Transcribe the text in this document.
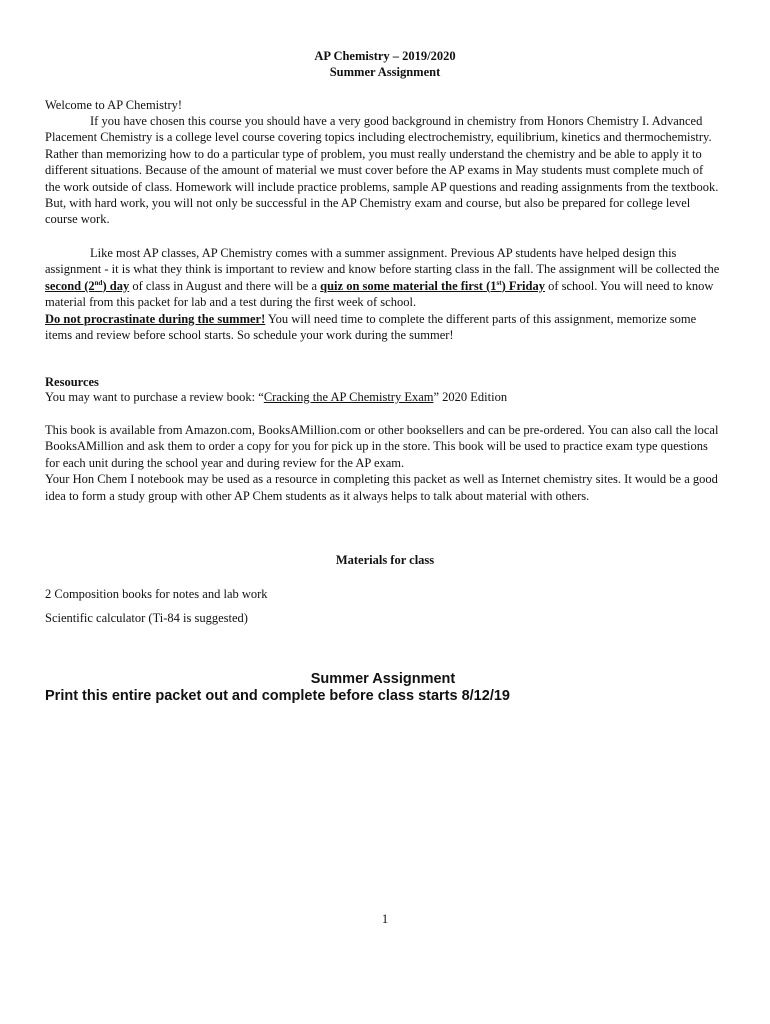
AP Chemistry – 2019/2020
Summer Assignment
Welcome to AP Chemistry!

If you have chosen this course you should have a very good background in chemistry from Honors Chemistry I. Advanced Placement Chemistry is a college level course covering topics including electrochemistry, equilibrium, kinetics and thermochemistry. Rather than memorizing how to do a particular type of problem, you must really understand the chemistry and be able to apply it to different situations. Because of the amount of material we must cover before the AP exams in May students must complete much of the work outside of class. Homework will include practice problems, sample AP questions and reading assignments from the textbook. But, with hard work, you will not only be successful in the AP Chemistry exam and course, but also be prepared for college level course work.

Like most AP classes, AP Chemistry comes with a summer assignment. Previous AP students have helped design this assignment - it is what they think is important to review and know before starting class in the fall. The assignment will be collected the second (2nd) day of class in August and there will be a quiz on some material the first (1st) Friday of school. You will need to know material from this packet for lab and a test during the first week of school.
Do not procrastinate during the summer! You will need time to complete the different parts of this assignment, memorize some items and review before school starts. So schedule your work during the summer!

Resources

You may want to purchase a review book: “Cracking the AP Chemistry Exam” 2020 Edition

This book is available from Amazon.com, BooksAMillion.com or other booksellers and can be pre-ordered. You can also call the local BooksAMillion and ask them to order a copy for you for pick up in the store. This book will be used to practice exam type questions for each unit during the school year and during review for the AP exam.
Your Hon Chem I notebook may be used as a resource in completing this packet as well as Internet chemistry sites. It would be a good idea to form a study group with other AP Chem students as it always helps to talk about material with others.

Materials for class
2 Composition books for notes and lab work
Scientific calculator (Ti-84 is suggested)
Summer Assignment
Print this entire packet out and complete before class starts 8/12/19
1
